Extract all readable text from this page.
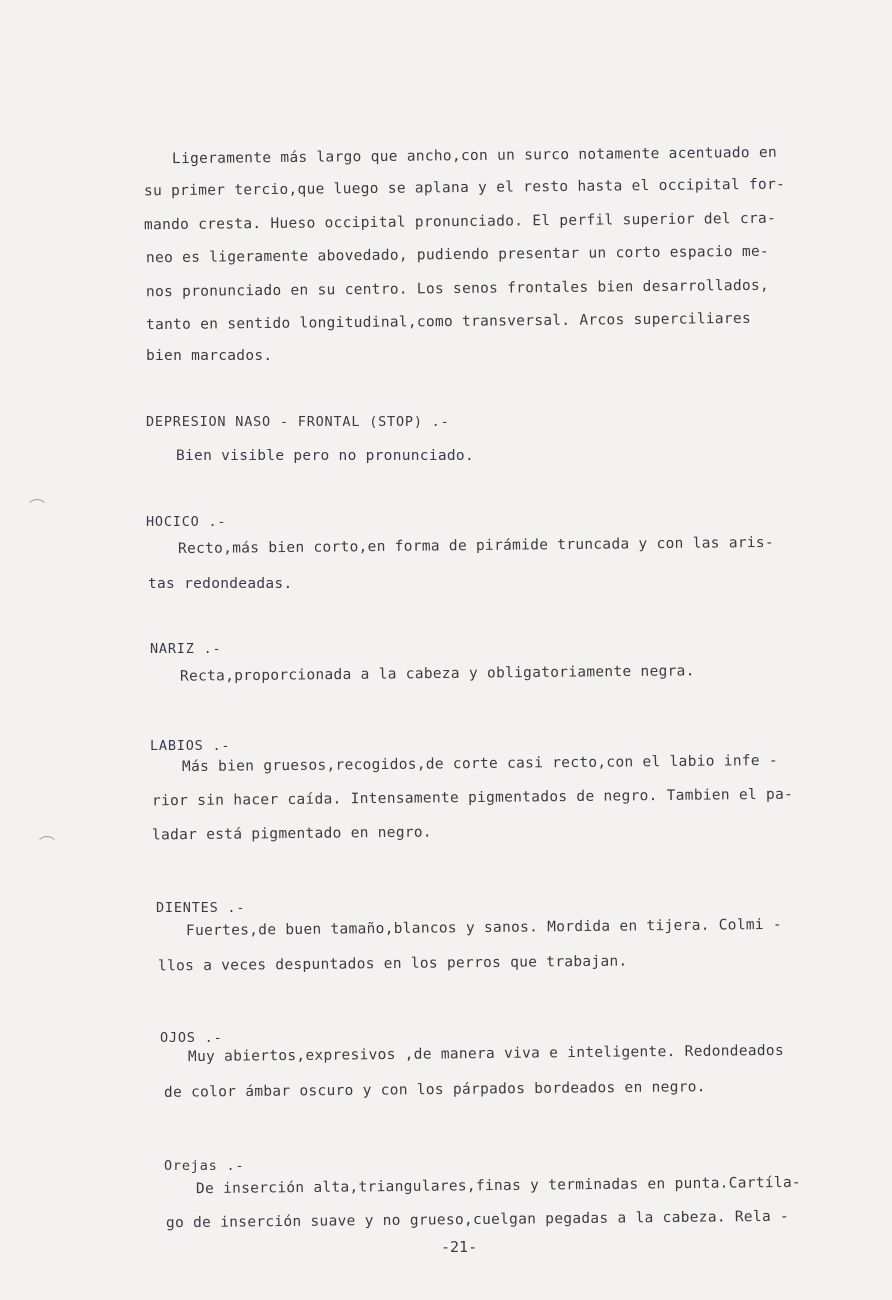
Ligeramente más largo que ancho,con un surco notamente acentuado en
su primer tercio,que luego se aplana y el resto hasta el occipital for-
mando cresta. Hueso occipital pronunciado. El perfil superior del cra-
neo es ligeramente abovedado, pudiendo presentar un corto espacio me-
nos pronunciado en su centro. Los senos frontales bien desarrollados,
tanto en sentido longitudinal,como transversal. Arcos superciliares
bien marcados.
DEPRESION NASO - FRONTAL (STOP) .-
Bien visible pero no pronunciado.
HOCICO .-
Recto,más bien corto,en forma de pirámide truncada y con las aris-
tas redondeadas.
NARIZ .-
Recta,proporcionada a la cabeza y obligatoriamente negra.
LABIOS .-
Más bien gruesos,recogidos,de corte casi recto,con el labio infe -
rior sin hacer caída. Intensamente pigmentados de negro. Tambien el pa-
ladar está pigmentado en negro.
DIENTES .-
Fuertes,de buen tamaño,blancos y sanos. Mordida en tijera. Colmi -
llos a veces despuntados en los perros que trabajan.
OJOS .-
Muy abiertos,expresivos ,de manera viva e inteligente. Redondeados
de color ámbar oscuro y con los párpados bordeados en negro.
Orejas .-
De inserción alta,triangulares,finas y terminadas en punta.Cartíla-
go de inserción suave y no grueso,cuelgan pegadas a la cabeza. Rela -
-21-
